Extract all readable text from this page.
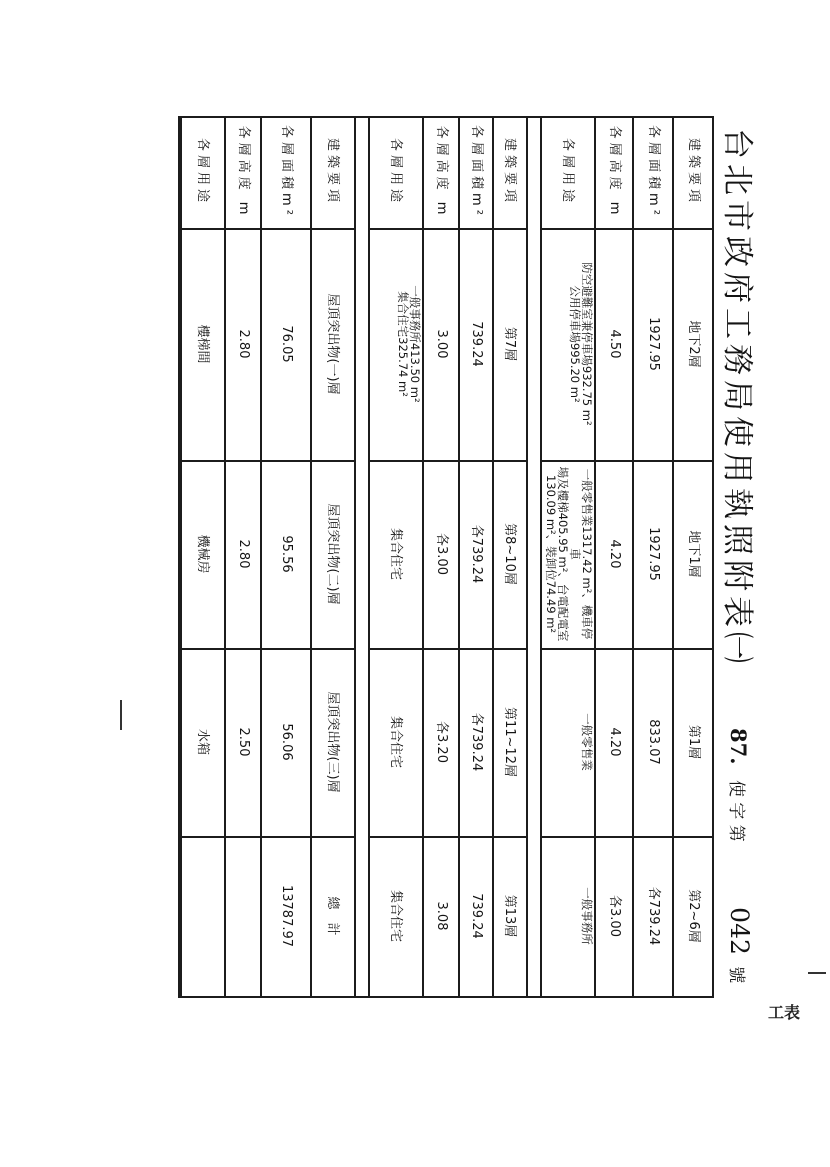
台北市政府工務局使用執照附表㈠
87. 使 字 第 042 號
建築要項
地下2層
地下1層
第1層
第2~6層
各層面積m²
1927.95
1927.95
833.07
各739.24
各層高度 m
4.50
4.20
4.20
各3.00
各層用途
防空避難室兼停車場932.75 m²
公用停車場995.20 m²
一般零售業1317.42 m²、機車停車
場及樓梯405.95 m²、台電配電室
130.09 m²、裝卸位74.49 m²
一般零售業
一般事務所
建築要項
第7層
第8~10層
第11~12層
第13層
各層面積m²
739.24
各739.24
各739.24
739.24
各層高度 m
3.00
各3.00
各3.20
3.08
各層用途
一般事務所413.50 m²
集合住宅325.74 m²
集合住宅
集合住宅
集合住宅
建築要項
屋頂突出物(一)層
屋頂突出物(二)層
屋頂突出物(三)層
總　計
各層面積m²
76.05
95.56
56.06
13787.97
各層高度 m
2.80
2.80
2.50
各層用途
樓梯間
機械房
水箱
工表
